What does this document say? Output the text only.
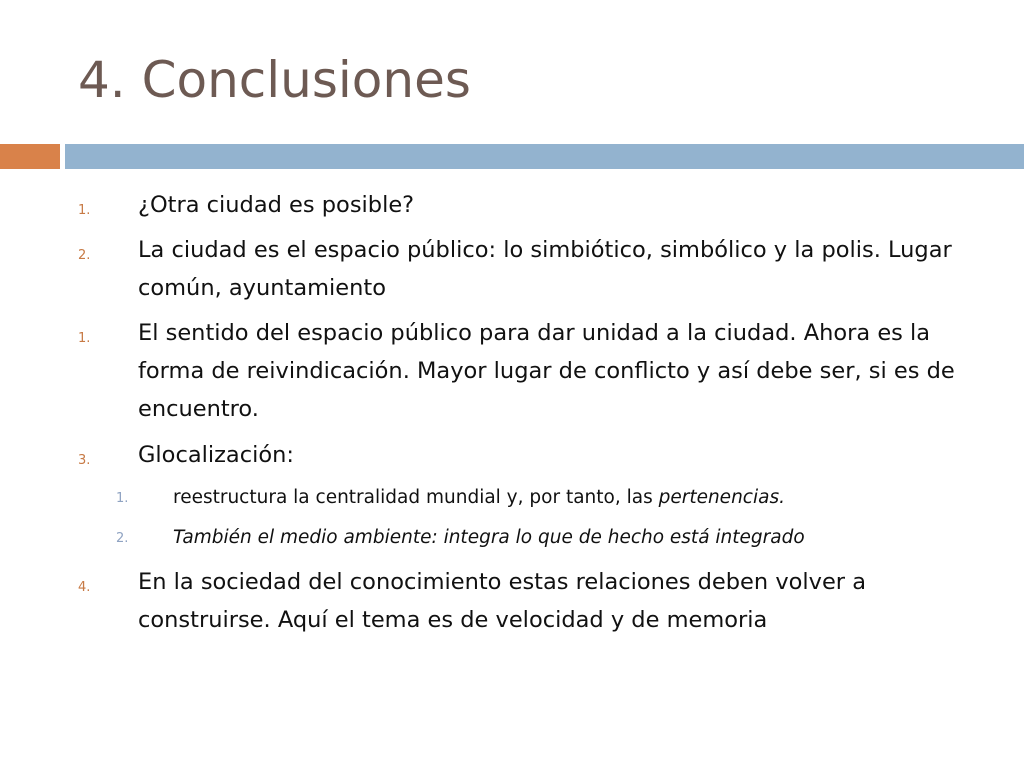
4. Conclusiones
1. ¿Otra ciudad es posible?
2. La ciudad es el espacio público: lo simbiótico, simbólico y la polis. Lugar común, ayuntamiento
1. El sentido del espacio público para dar unidad a la ciudad. Ahora es la forma de reivindicación. Mayor lugar de conflicto y así debe ser, si es de encuentro.
3. Glocalización:
1. reestructura la centralidad mundial y, por tanto, las pertenencias.
2. También el medio ambiente: integra lo que de hecho está integrado
4. En la sociedad del conocimiento estas relaciones deben volver a construirse. Aquí el tema es de velocidad y de memoria
